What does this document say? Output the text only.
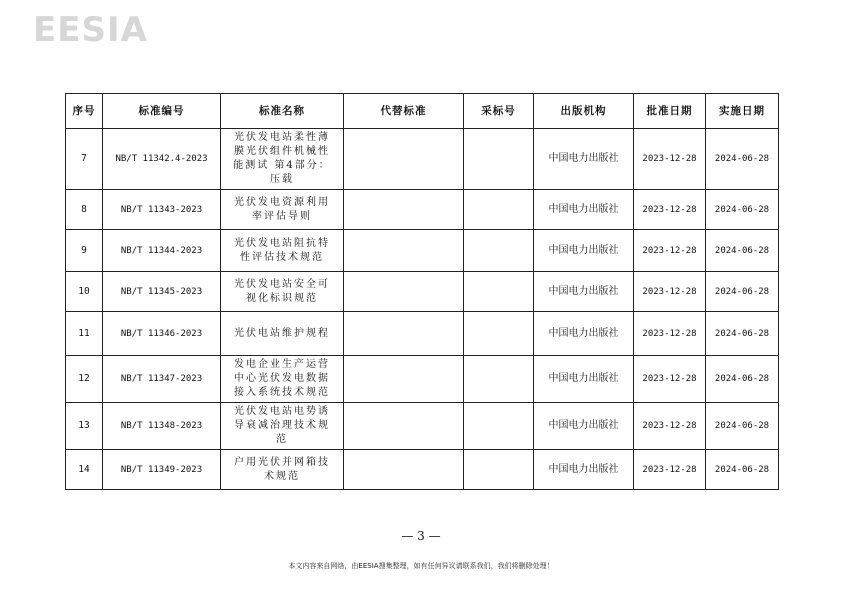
EESIA
序号	标准编号	标准名称	代替标准	采标号	出版机构	批准日期	实施日期
7	NB/T 11342.4-2023	光伏发电站柔性薄膜光伏组件机械性能测试 第4部分：压载			中国电力出版社	2023-12-28	2024-06-28
8	NB/T 11343-2023	光伏发电资源利用率评估导则			中国电力出版社	2023-12-28	2024-06-28
9	NB/T 11344-2023	光伏发电站阻抗特性评估技术规范			中国电力出版社	2023-12-28	2024-06-28
10	NB/T 11345-2023	光伏发电站安全可视化标识规范			中国电力出版社	2023-12-28	2024-06-28
11	NB/T 11346-2023	光伏电站维护规程			中国电力出版社	2023-12-28	2024-06-28
12	NB/T 11347-2023	发电企业生产运营中心光伏发电数据接入系统技术规范			中国电力出版社	2023-12-28	2024-06-28
13	NB/T 11348-2023	光伏发电站电势诱导衰减治理技术规范			中国电力出版社	2023-12-28	2024-06-28
14	NB/T 11349-2023	户用光伏并网箱技术规范			中国电力出版社	2023-12-28	2024-06-28
— 3 —
本文内容来自网络，由EESIA搜集整理，如有任何异议请联系我们，我们将删除处理！
